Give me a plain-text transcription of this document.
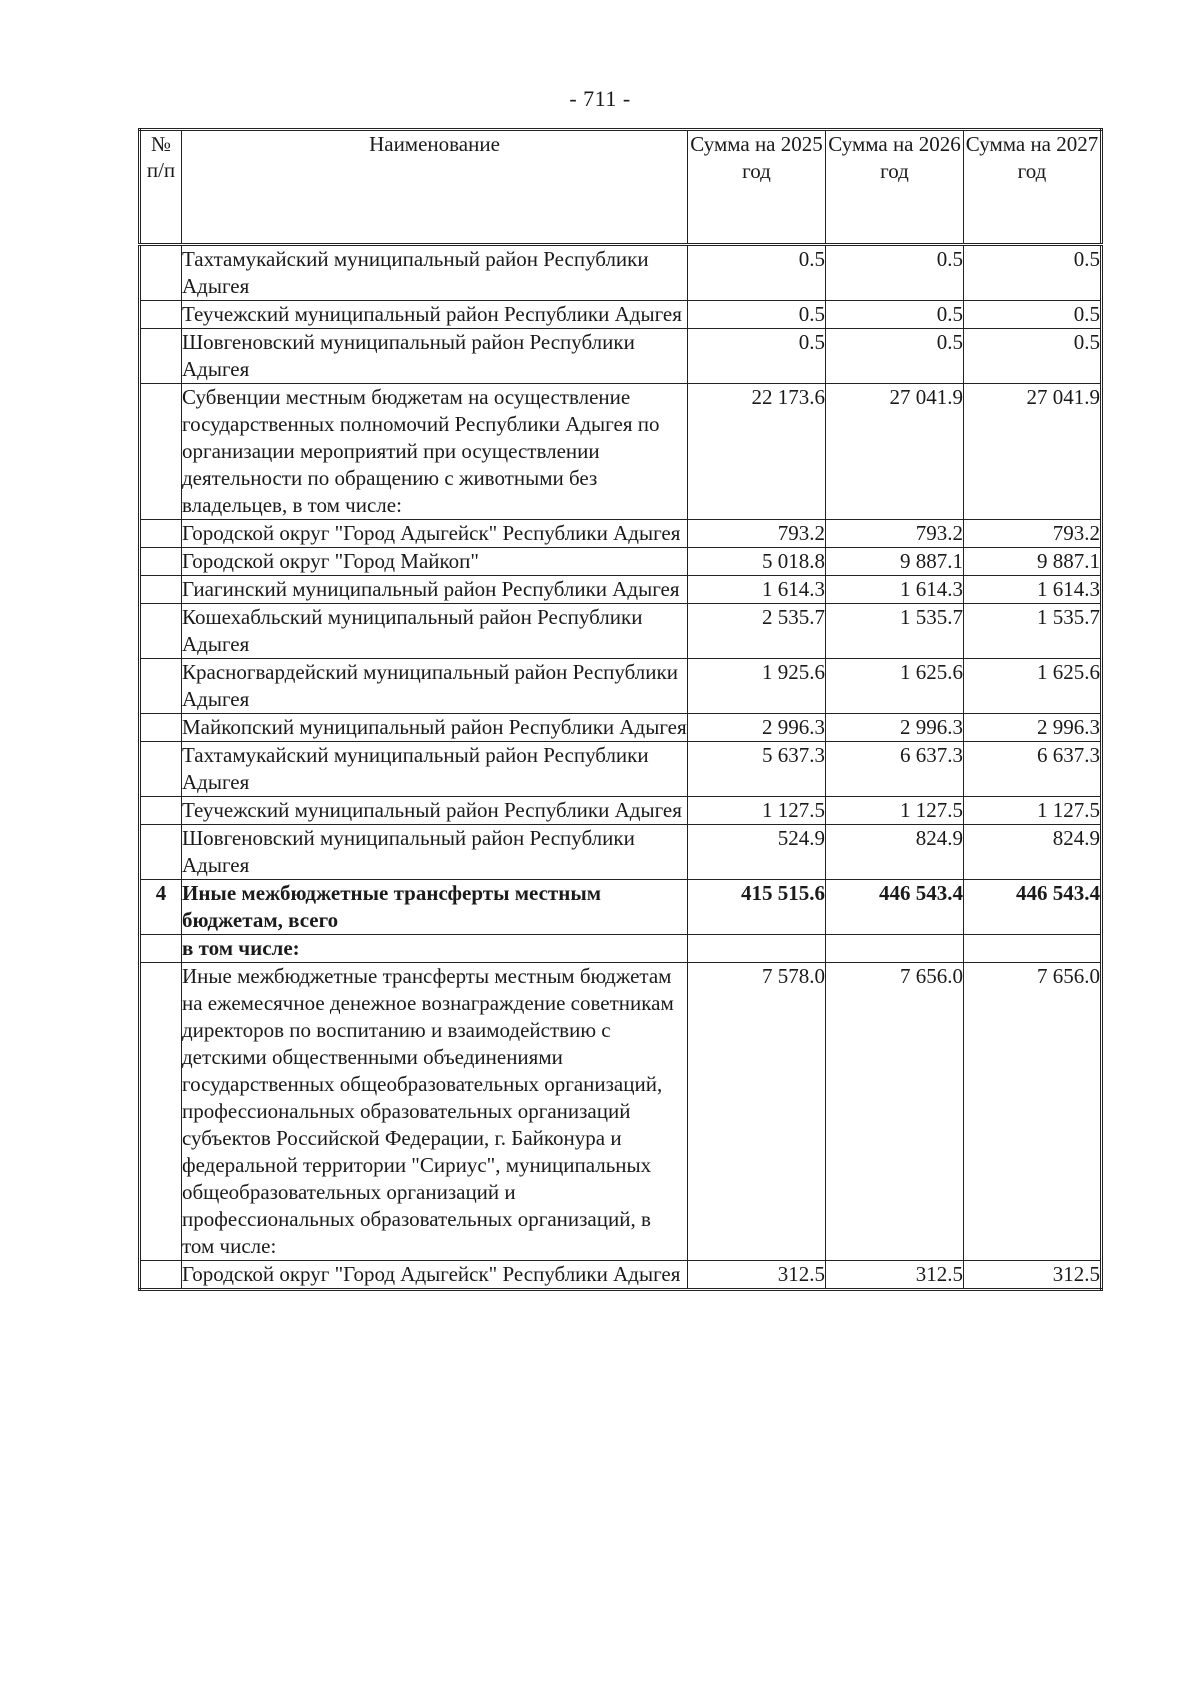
- 711 -
№ п/п	Наименование	Сумма на 2025 год	Сумма на 2026 год	Сумма на 2027 год
	Тахтамукайский муниципальный район Республики Адыгея	0.5	0.5	0.5
	Теучежский муниципальный район Республики Адыгея	0.5	0.5	0.5
	Шовгеновский муниципальный район Республики Адыгея	0.5	0.5	0.5
	Субвенции местным бюджетам на осуществление государственных полномочий Республики Адыгея по организации мероприятий при осуществлении деятельности по обращению с животными без владельцев, в том числе:	22 173.6	27 041.9	27 041.9
	Городской округ "Город Адыгейск" Республики Адыгея	793.2	793.2	793.2
	Городской округ "Город Майкоп"	5 018.8	9 887.1	9 887.1
	Гиагинский муниципальный район Республики Адыгея	1 614.3	1 614.3	1 614.3
	Кошехабльский муниципальный район Республики Адыгея	2 535.7	1 535.7	1 535.7
	Красногвардейский муниципальный район Республики Адыгея	1 925.6	1 625.6	1 625.6
	Майкопский муниципальный район Республики Адыгея	2 996.3	2 996.3	2 996.3
	Тахтамукайский муниципальный район Республики Адыгея	5 637.3	6 637.3	6 637.3
	Теучежский муниципальный район Республики Адыгея	1 127.5	1 127.5	1 127.5
	Шовгеновский муниципальный район Республики Адыгея	524.9	824.9	824.9
4	Иные межбюджетные трансферты местным бюджетам, всего	415 515.6	446 543.4	446 543.4
	в том числе:			
	Иные межбюджетные трансферты местным бюджетам на ежемесячное денежное вознаграждение советникам директоров по воспитанию и взаимодействию с детскими общественными объединениями государственных общеобразовательных организаций, профессиональных образовательных организаций субъектов Российской Федерации, г. Байконура и федеральной территории "Сириус", муниципальных общеобразовательных организаций и профессиональных образовательных организаций, в том числе:	7 578.0	7 656.0	7 656.0
	Городской округ "Город Адыгейск" Республики Адыгея	312.5	312.5	312.5
